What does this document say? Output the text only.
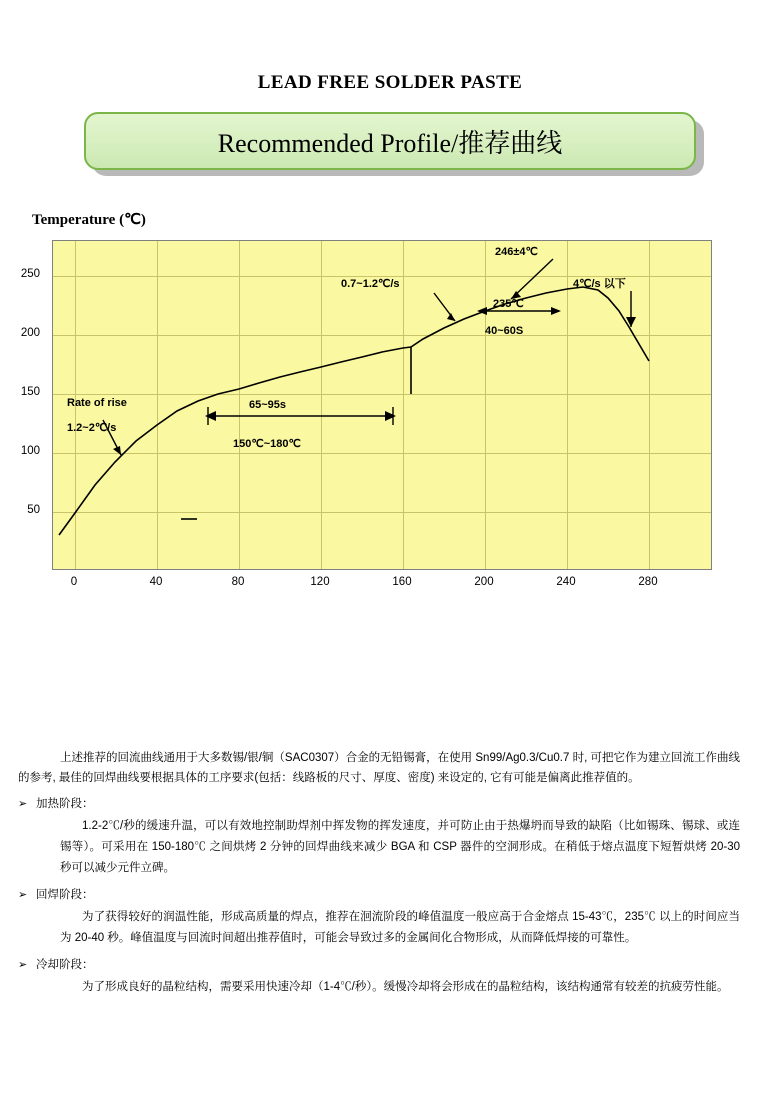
LEAD FREE SOLDER PASTE
Recommended Profile/推荐曲线
Temperature (℃)
246±4℃
0.7~1.2℃/s	4℃/s 以下
235℃
40~60S
Rate of rise
1.2~2℃/s
65~95s
150℃~180℃
50
100
150
200
250
0	40	80	120	160	200	240	280
上述推荐的回流曲线通用于大多数锡/银/铜（SAC0307）合金的无铅锡膏，在使用 Sn99/Ag0.3/Cu0.7 时, 可把它作为建立回流工作曲线的参考, 最佳的回焊曲线要根据具体的工序要求(包括：线路板的尺寸、厚度、密度) 来设定的, 它有可能是偏离此推荐值的。
➢ 加热阶段：
1.2-2℃/秒的缓速升温，可以有效地控制助焊剂中挥发物的挥发速度，并可防止由于热爆坍而导致的缺陷（比如锡珠、锡球、或连锡等）。可采用在 150-180℃ 之间烘烤 2 分钟的回焊曲线来减少 BGA 和 CSP 器件的空洞形成。在稍低于熔点温度下短暂烘烤 20-30 秒可以减少元件立碑。
➢ 回焊阶段：
为了获得较好的润温性能，形成高质量的焊点，推荐在洄流阶段的峰值温度一般应高于合金熔点 15-43℃，235℃ 以上的时间应当为 20-40 秒。峰值温度与回流时间超出推荐值时，可能会导致过多的金属间化合物形成，从而降低焊接的可靠性。
➢ 冷却阶段：
为了形成良好的晶粒结构，需要采用快速冷却（1-4℃/秒）。缓慢冷却将会形成在的晶粒结构，该结构通常有较差的抗疲劳性能。
